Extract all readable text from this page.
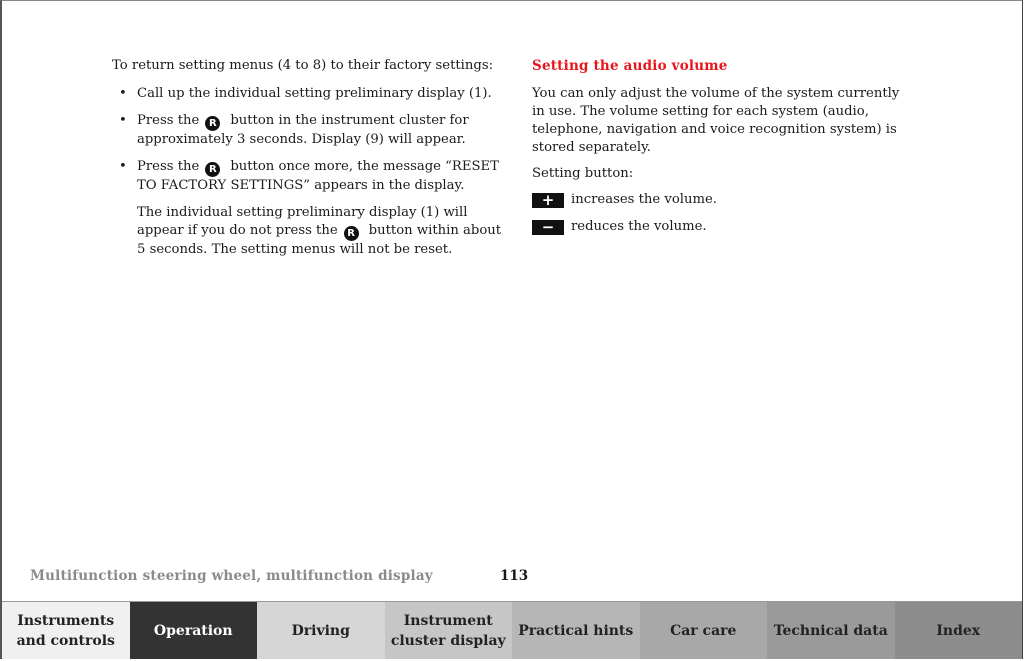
To return setting menus (4 to 8) to their factory settings:

• Call up the individual setting preliminary display (1).
• Press the R button in the instrument cluster for approximately 3 seconds. Display (9) will appear.
• Press the R button once more, the message “RESET TO FACTORY SETTINGS” appears in the display.

The individual setting preliminary display (1) will appear if you do not press the R button within about 5 seconds. The setting menus will not be reset.

Setting the audio volume

You can only adjust the volume of the system currently in use. The volume setting for each system (audio, telephone, navigation and voice recognition system) is stored separately.

Setting button:

+	increases the volume.
−	reduces the volume.
Multifunction steering wheel, multifunction display	113
Instruments and controls
Operation	Driving
Instrument cluster display
Practical hints	Car care	Technical data	Index
